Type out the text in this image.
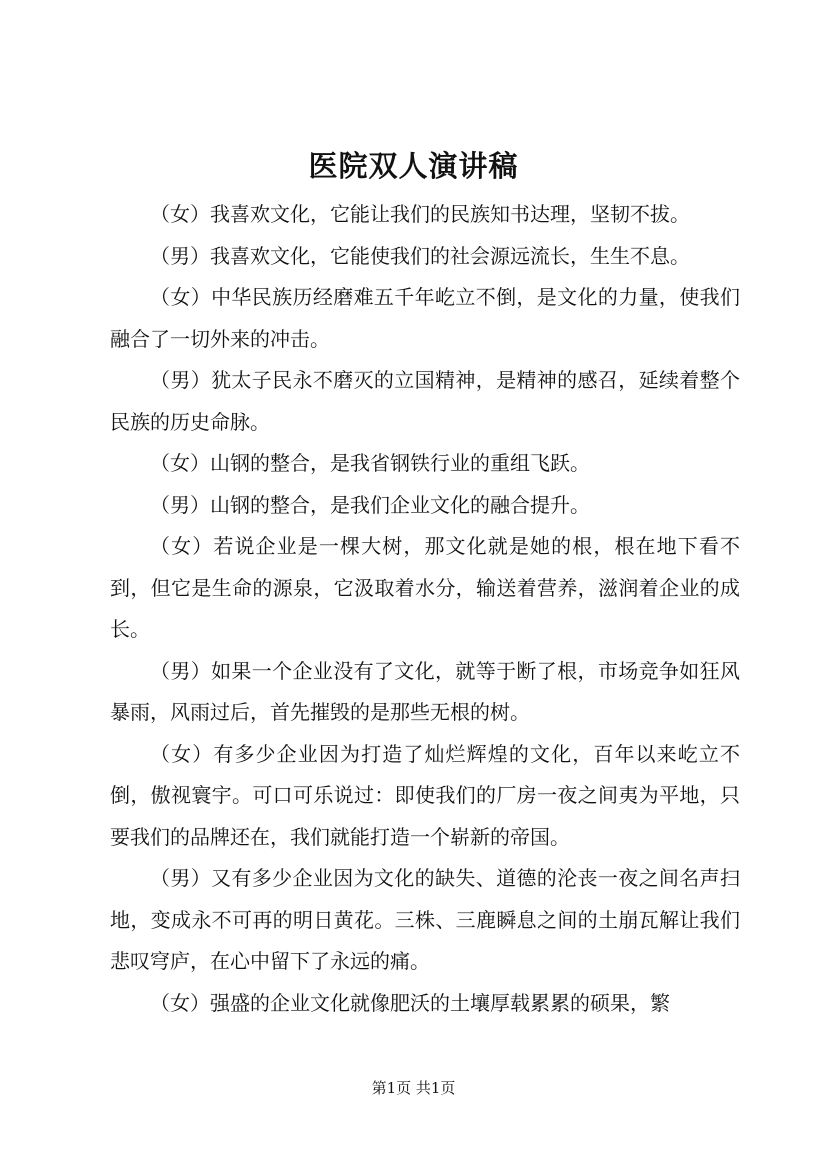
医院双人演讲稿

（女）我喜欢文化，它能让我们的民族知书达理，坚韧不拔。

（男）我喜欢文化，它能使我们的社会源远流长，生生不息。

（女）中华民族历经磨难五千年屹立不倒，是文化的力量，使我们融合了一切外来的冲击。

（男）犹太子民永不磨灭的立国精神，是精神的感召，延续着整个民族的历史命脉。

（女）山钢的整合，是我省钢铁行业的重组飞跃。

（男）山钢的整合，是我们企业文化的融合提升。

（女）若说企业是一棵大树，那文化就是她的根，根在地下看不到，但它是生命的源泉，它汲取着水分，输送着营养，滋润着企业的成长。

（男）如果一个企业没有了文化，就等于断了根，市场竞争如狂风暴雨，风雨过后，首先摧毁的是那些无根的树。

（女）有多少企业因为打造了灿烂辉煌的文化，百年以来屹立不倒，傲视寰宇。可口可乐说过：即使我们的厂房一夜之间夷为平地，只要我们的品牌还在，我们就能打造一个崭新的帝国。

（男）又有多少企业因为文化的缺失、道德的沦丧一夜之间名声扫地，变成永不可再的明日黄花。三株、三鹿瞬息之间的土崩瓦解让我们悲叹穹庐，在心中留下了永远的痛。

（女）强盛的企业文化就像肥沃的土壤厚载累累的硕果，繁

第1页 共1页
